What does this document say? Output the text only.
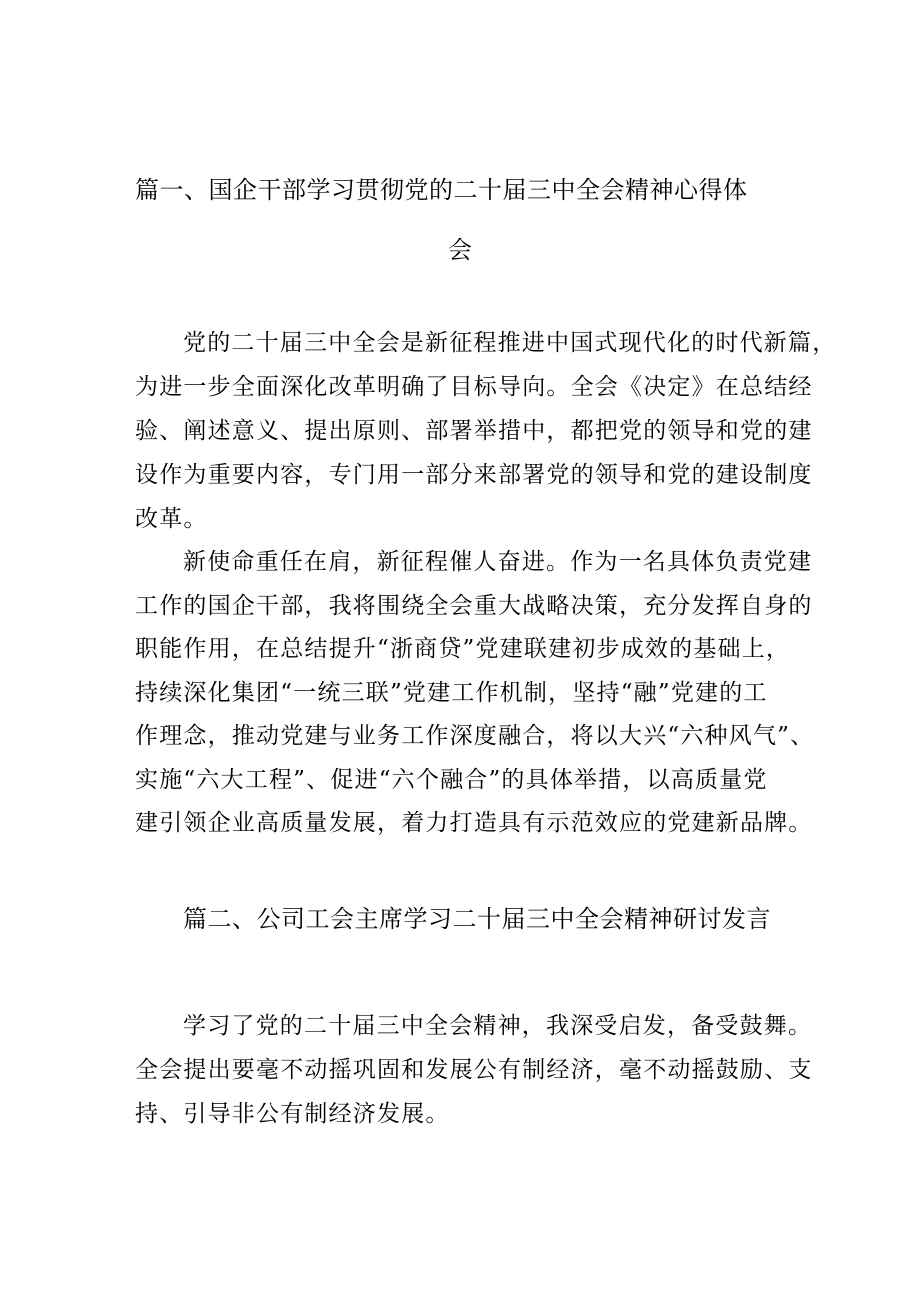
篇一、国企干部学习贯彻党的二十届三中全会精神心得体
会

党的二十届三中全会是新征程推进中国式现代化的时代新篇，

为进一步全面深化改革明确了目标导向。全会《决定》在总结经

验、阐述意义、提出原则、部署举措中，都把党的领导和党的建

设作为重要内容，专门用一部分来部署党的领导和党的建设制度

改革。

新使命重任在肩，新征程催人奋进。作为一名具体负责党建

工作的国企干部，我将围绕全会重大战略决策，充分发挥自身的

职能作用，在总结提升“浙商贷”党建联建初步成效的基础上，

持续深化集团“一统三联”党建工作机制，坚持“融”党建的工

作理念，推动党建与业务工作深度融合，将以大兴“六种风气”、

实施“六大工程”、促进“六个融合”的具体举措，以高质量党

建引领企业高质量发展，着力打造具有示范效应的党建新品牌。

篇二、公司工会主席学习二十届三中全会精神研讨发言

学习了党的二十届三中全会精神，我深受启发，备受鼓舞。

全会提出要毫不动摇巩固和发展公有制经济，毫不动摇鼓励、支

持、引导非公有制经济发展。
